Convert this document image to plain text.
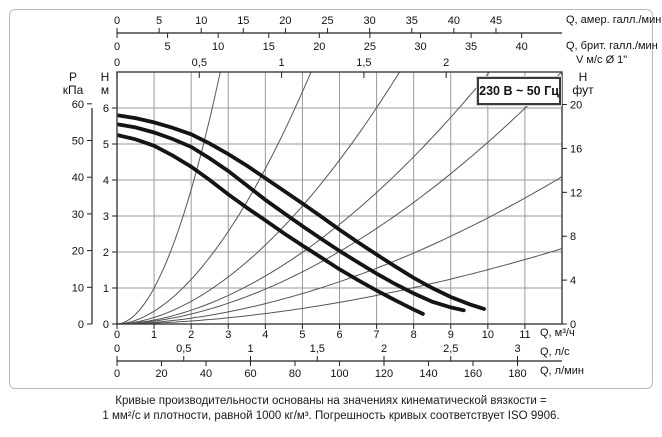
0	5	10	15	20	25	30	35	40	45
0	5	10	15	20	25	30	35	40
0	0,5	1	1,5	2
0
10
20
30
40
50
60
0
1
2
3
4
5
6
0
4
8
12
16
20
0	1	2	3	4	5	6	7	8	9	10 11
0	0,5	1	1,5	2	2,5	3
0	20	40	60	80	100 120 140 160 180
P
кПа
H
м
H
фут
Q, амер. галл./мин
Q, брит. галл./мин
V м/с Ø 1"
Q, м³/ч
Q, л/с
Q, л/мин
230 В ~ 50 Гц
Кривые производительности основаны на значениях кинематической вязкости =
1 мм²/с и плотности, равной 1000 кг/м³. Погрешность кривых соответствует ISO 9906.
